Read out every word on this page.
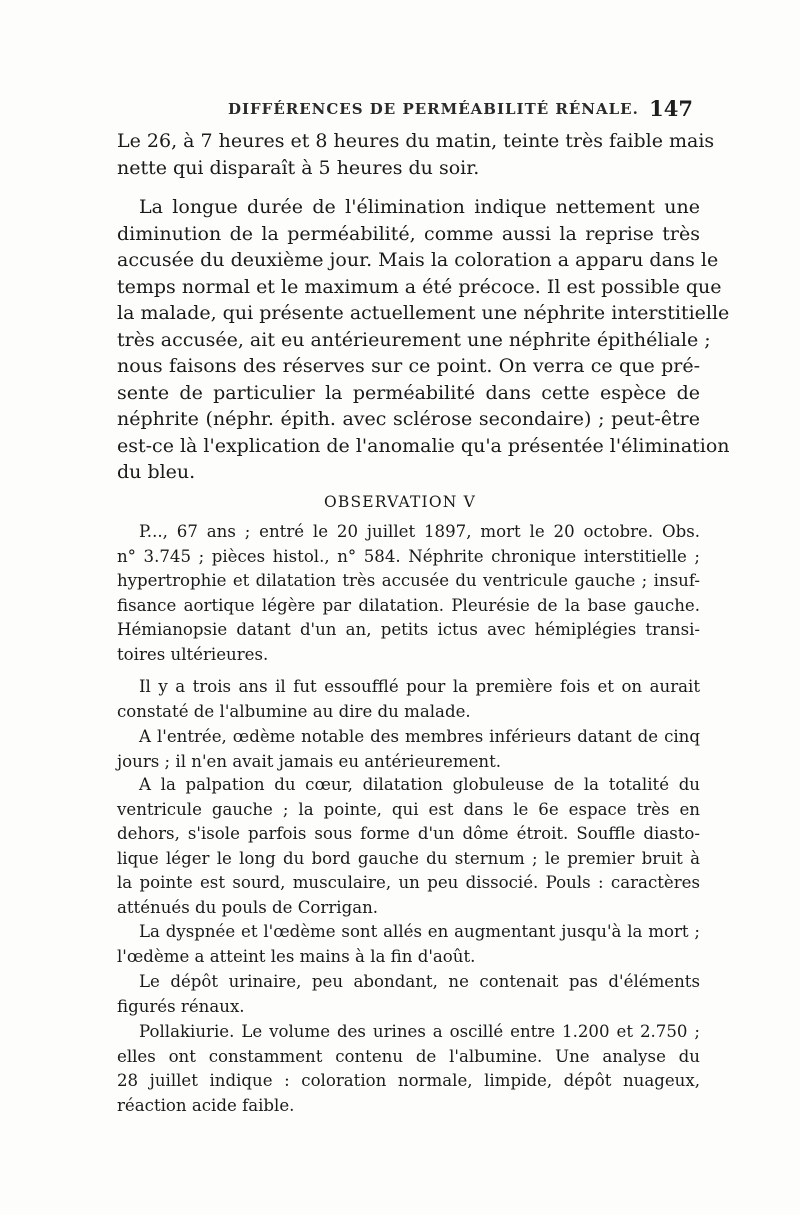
DIFFÉRENCES DE PERMÉABILITÉ RÉNALE. 147
Le 26, à 7 heures et 8 heures du matin, teinte très faible mais
nette qui disparaît à 5 heures du soir.
La longue durée de l'élimination indique nettement une
diminution de la perméabilité, comme aussi la reprise très
accusée du deuxième jour. Mais la coloration a apparu dans le
temps normal et le maximum a été précoce. Il est possible que
la malade, qui présente actuellement une néphrite interstitielle
très accusée, ait eu antérieurement une néphrite épithéliale ;
nous faisons des réserves sur ce point. On verra ce que pré-
sente de particulier la perméabilité dans cette espèce de
néphrite (néphr. épith. avec sclérose secondaire) ; peut-être
est-ce là l'explication de l'anomalie qu'a présentée l'élimination
du bleu.
OBSERVATION V
P..., 67 ans ; entré le 20 juillet 1897, mort le 20 octobre. Obs.
n° 3.745 ; pièces histol., n° 584. Néphrite chronique interstitielle ;
hypertrophie et dilatation très accusée du ventricule gauche ; insuf-
fisance aortique légère par dilatation. Pleurésie de la base gauche.
Hémianopsie datant d'un an, petits ictus avec hémiplégies transi-
toires ultérieures.
Il y a trois ans il fut essoufflé pour la première fois et on aurait
constaté de l'albumine au dire du malade.
A l'entrée, œdème notable des membres inférieurs datant de cinq
jours ; il n'en avait jamais eu antérieurement.
A la palpation du cœur, dilatation globuleuse de la totalité du
ventricule gauche ; la pointe, qui est dans le 6e espace très en
dehors, s'isole parfois sous forme d'un dôme étroit. Souffle diasto-
lique léger le long du bord gauche du sternum ; le premier bruit à
la pointe est sourd, musculaire, un peu dissocié. Pouls : caractères
atténués du pouls de Corrigan.
La dyspnée et l'œdème sont allés en augmentant jusqu'à la mort ;
l'œdème a atteint les mains à la fin d'août.
Le dépôt urinaire, peu abondant, ne contenait pas d'éléments
figurés rénaux.
Pollakiurie. Le volume des urines a oscillé entre 1.200 et 2.750 ;
elles ont constamment contenu de l'albumine. Une analyse du
28 juillet indique : coloration normale, limpide, dépôt nuageux,
réaction acide faible.
